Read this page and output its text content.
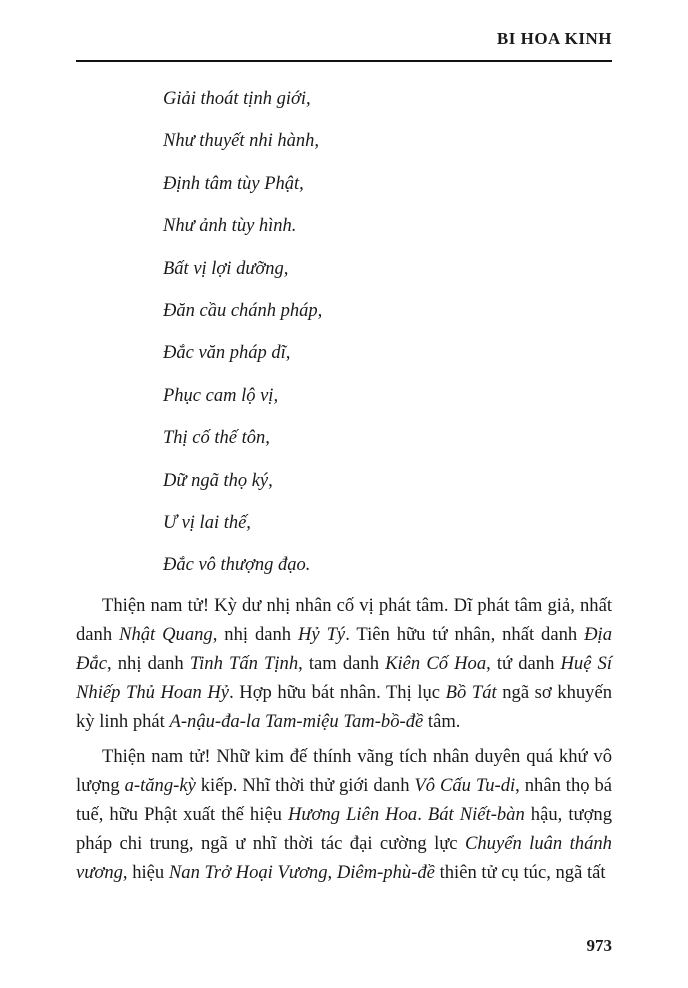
BI HOA KINH
Giải thoát tịnh giới,
Như thuyết nhi hành,
Định tâm tùy Phật,
Như ảnh tùy hình.
Bất vị lợi dưỡng,
Đăn cầu chánh pháp,
Đắc văn pháp dĩ,
Phục cam lộ vị,
Thị cố thế tôn,
Dữ ngã thọ ký,
Ư vị lai thế,
Đắc vô thượng đạo.

Thiện nam tử! Kỳ dư nhị nhân cố vị phát tâm. Dĩ phát tâm giả, nhất danh Nhật Quang, nhị danh Hỷ Tý. Tiên hữu tứ nhân, nhất danh Địa Đắc, nhị danh Tinh Tấn Tịnh, tam danh Kiên Cố Hoa, tứ danh Huệ Sí Nhiếp Thủ Hoan Hỷ. Hợp hữu bát nhân. Thị lục Bồ Tát ngã sơ khuyến kỳ linh phát A-nậu-đa-la Tam-miệu Tam-bồ-đề tâm.

Thiện nam tử! Nhữ kim đế thính vãng tích nhân duyên quá khứ vô lượng a-tăng-kỳ kiếp. Nhĩ thời thử giới danh Vô Cấu Tu-di, nhân thọ bá tuế, hữu Phật xuất thế hiệu Hương Liên Hoa. Bát Niết-bàn hậu, tượng pháp chi trung, ngã ư nhĩ thời tác đại cường lực Chuyển luân thánh vương, hiệu Nan Trở Hoại Vương, Diêm-phù-đề thiên tử cụ túc, ngã tất

973
